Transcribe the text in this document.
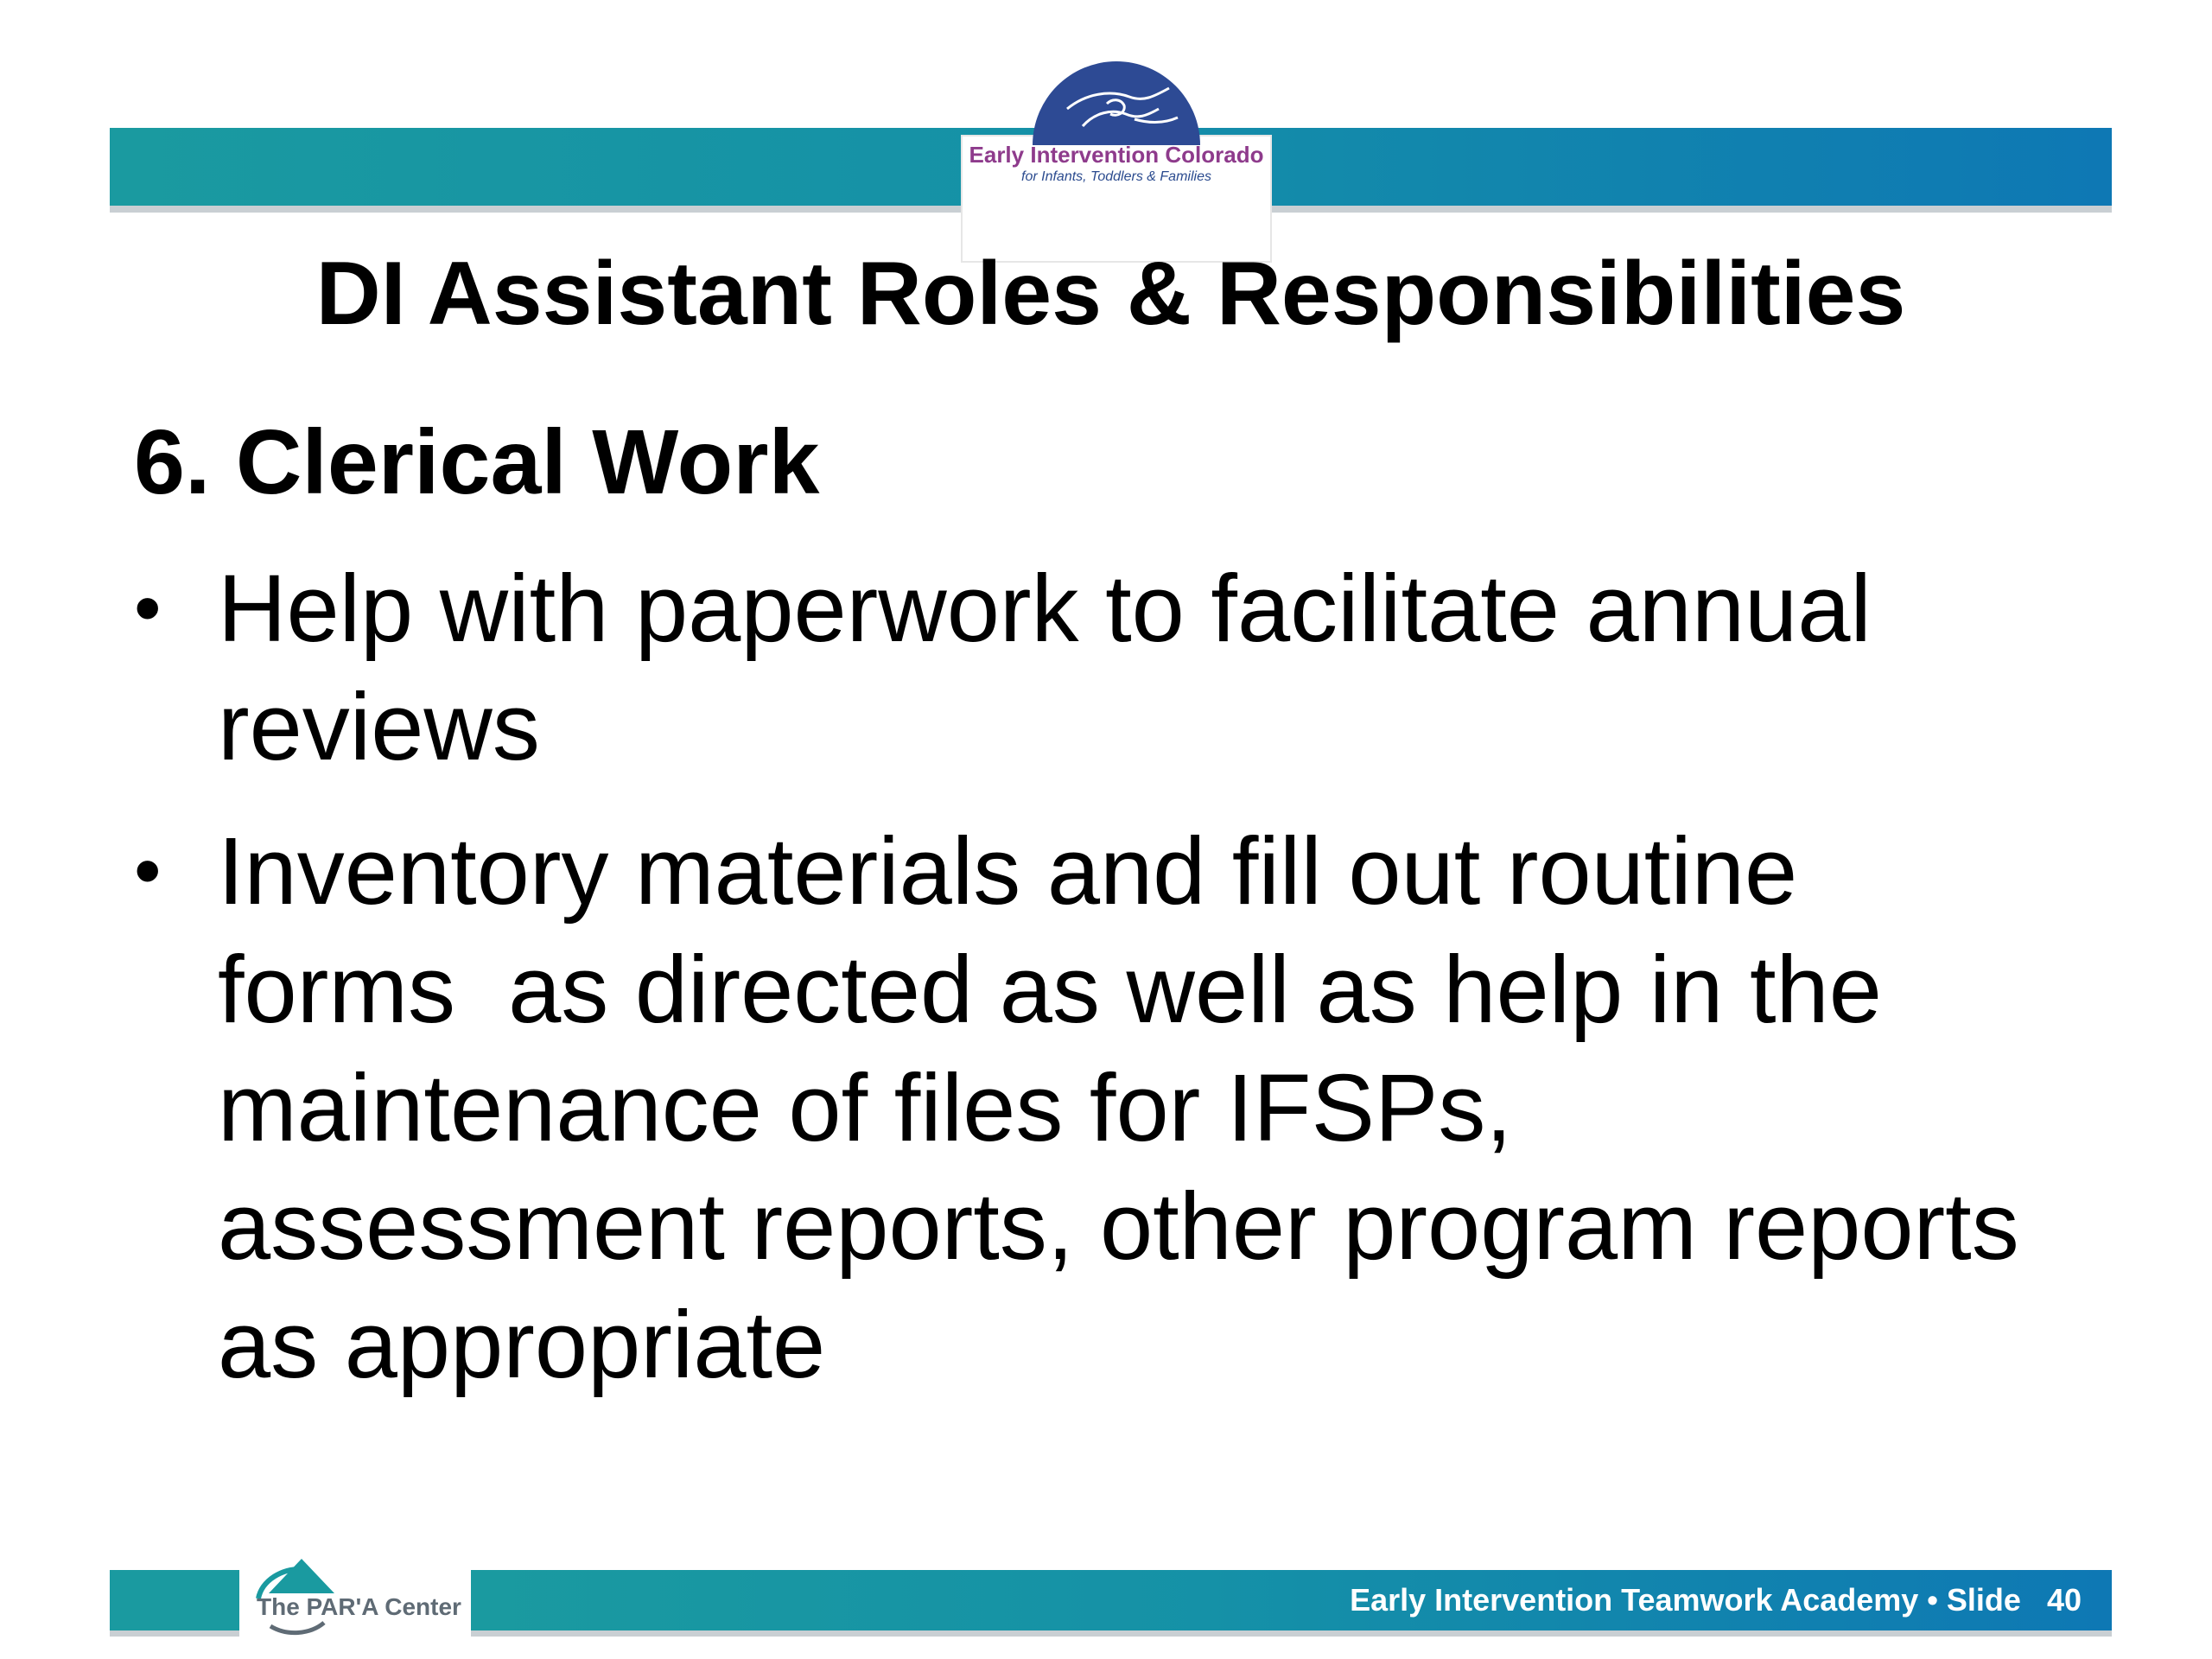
Early Intervention Colorado
for Infants, Toddlers & Families
DI Assistant Roles & Responsibilities
6. Clerical Work
• Help with paperwork to facilitate annual
reviews
• Inventory materials and fill out routine
forms  as directed as well as help in the
maintenance of files for IFSPs,
assessment reports, other program reports
as appropriate
The PAR'A Center	Early Intervention Teamwork Academy • Slide   40
